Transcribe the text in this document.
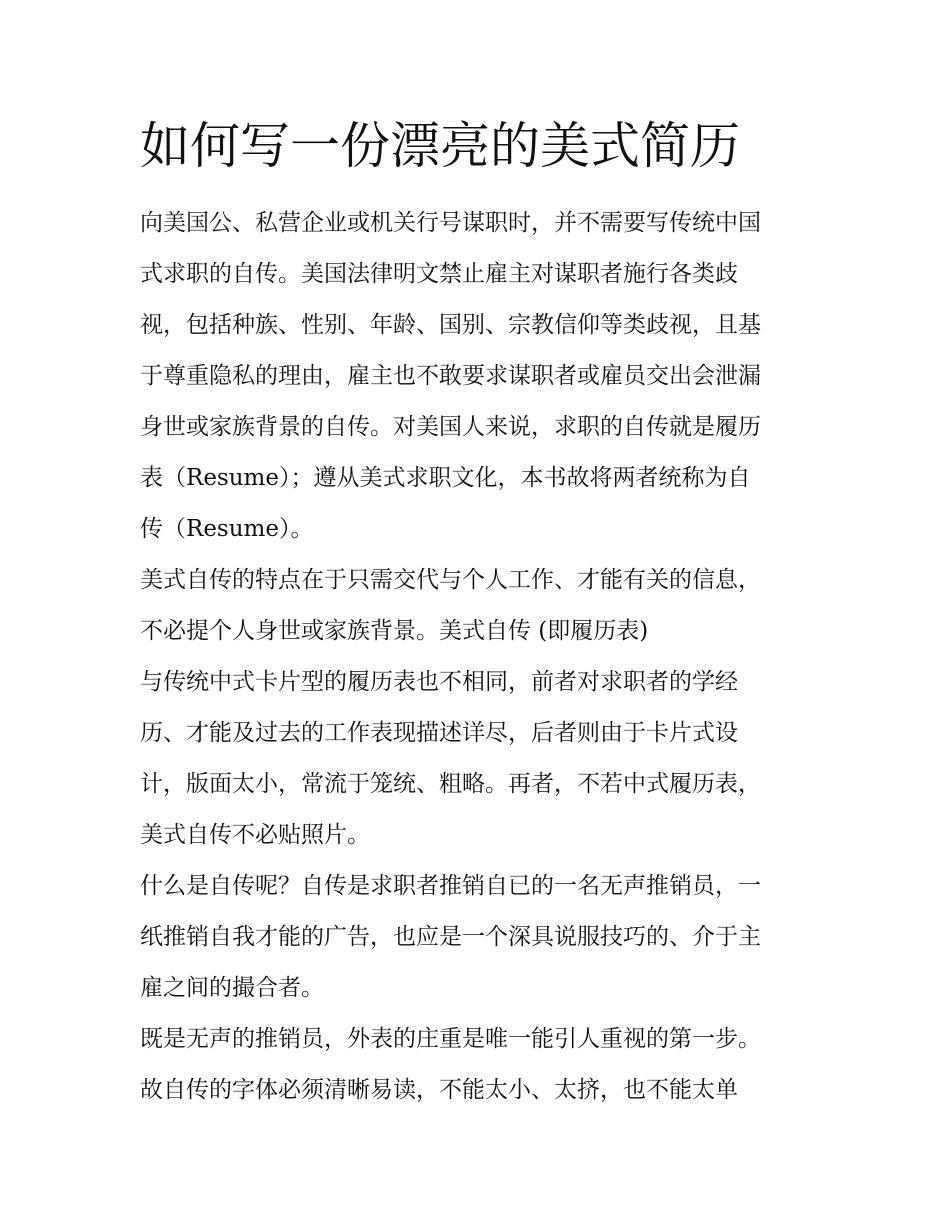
如何写一份漂亮的美式简历

向美国公、私营企业或机关行号谋职时，并不需要写传统中国
式求职的自传。美国法律明文禁止雇主对谋职者施行各类歧
视，包括种族、性别、年龄、国别、宗教信仰等类歧视，且基
于尊重隐私的理由，雇主也不敢要求谋职者或雇员交出会泄漏
身世或家族背景的自传。对美国人来说，求职的自传就是履历
表（Resume）；遵从美式求职文化，本书故将两者统称为自
传（Resume）。

美式自传的特点在于只需交代与个人工作、才能有关的信息，
不必提个人身世或家族背景。美式自传 (即履历表)

与传统中式卡片型的履历表也不相同，前者对求职者的学经
历、才能及过去的工作表现描述详尽，后者则由于卡片式设
计，版面太小，常流于笼统、粗略。再者，不若中式履历表，
美式自传不必贴照片。

什么是自传呢？自传是求职者推销自已的一名无声推销员，一
纸推销自我才能的广告，也应是一个深具说服技巧的、介于主
雇之间的撮合者。

既是无声的推销员，外表的庄重是唯一能引人重视的第一步。
故自传的字体必须清晰易读，不能太小、太挤，也不能太单
